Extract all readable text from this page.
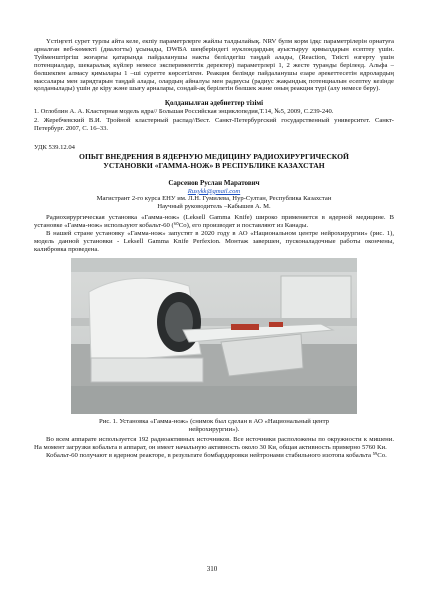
Үстіңгеті сурет турлы айта келе, екпіу параметрлерге жайлы талдылайық. NRV булм корм ідқс параметрілерін орнатуға арналған веб-көмекті (диалогты) ұсынады, DWBA шеңберіндегі нуклондардың ауыстыруу қимылдарын есептеу үшін. Туйменштіргіш жоғарғы қатарында пайдаланушы накты белілдегіш таңдай алады, (Reaction, Тиісті өзгерту үшін потенциалдар, шекаралық күйлер немесе эксперименттік деректер) параметрлері 1, 2 жесте туранды берілеед. Альфа – бөлшекпен алмасу қимылары 1 –ші суретте көрсетілген. Реакция белімде пайдаланушы езаре әрекеттесетін ядролардың массалары мен зарядтарын таңдай алады, олардың айналуы мен радиусы (радиус жақындық потенциалын есептеу кезінде қолданылады) үшін де кіру және шығу арналары, сондай-ақ берілетін бөлшек және оның реакция түрі (алу немесе беру).

Қолданылған әдебиеттер тізімі

1. Оглоблин А. А. Кластерная модель ядра// Большая Российская энциклопедия,Т.14, №5, 2009, С.239-240.

2. Жеребчевский В.И. Тройной кластерный распад//Вест. Санкт-Петербургский государственный университет. Санкт-Петербург. 2007, С. 16–33.

УДК 539.12.04

ОПЫТ ВНЕДРЕНИЯ В ЯДЕРНУЮ МЕДИЦИНУ РАДИОХИРУРГИЧЕСКОЙ
УСТАНОВКИ «ГАММА-НОЖ» В РЕСПУБЛИКЕ КАЗАХСТАН

Сарсенов Руслан Маратович

Rusykk@gmail.com

Магистрант 2-го курса ЕНУ им. Л.Н. Гумилева, Нур-Султан, Республика Казахстан

Научный руководитель –Кабышев А. М.

Радиохирургическая установка «Гамма-нож» (Leksell Gamma Knife) широко применяется в ядерной медицине. В установке «Гамма-нож» используют кобальт-60 (⁶⁰Co), его производят и поставляют из Канады.

В нашей стране установку «Гамма-нож» запустят в 2020 году в АО «Национальном центре нейрохирургии» (рис. 1), модель данной установки - Leksell Gamma Knife Perfexion. Монтаж завершен, пусконаладочные работы окончены, калибровка проведена.

Рис. 1. Установка «Гамма-нож» (снимок был сделан в АО «Национальный центр
нейрохирургии»).

Во всем аппарате используется 192 радиоактивных источников. Все источники расположены по окружности к мишени. На момент загрузки кобальта в аппарат, он имеет начальную активность около 30 Ки, общая активность примерно 5760 Ки.

Кобальт-60 получают в ядерном реакторе, в результате бомбардировки нейтронами стабильного изотопа кобальта ⁵⁹Co.

310
